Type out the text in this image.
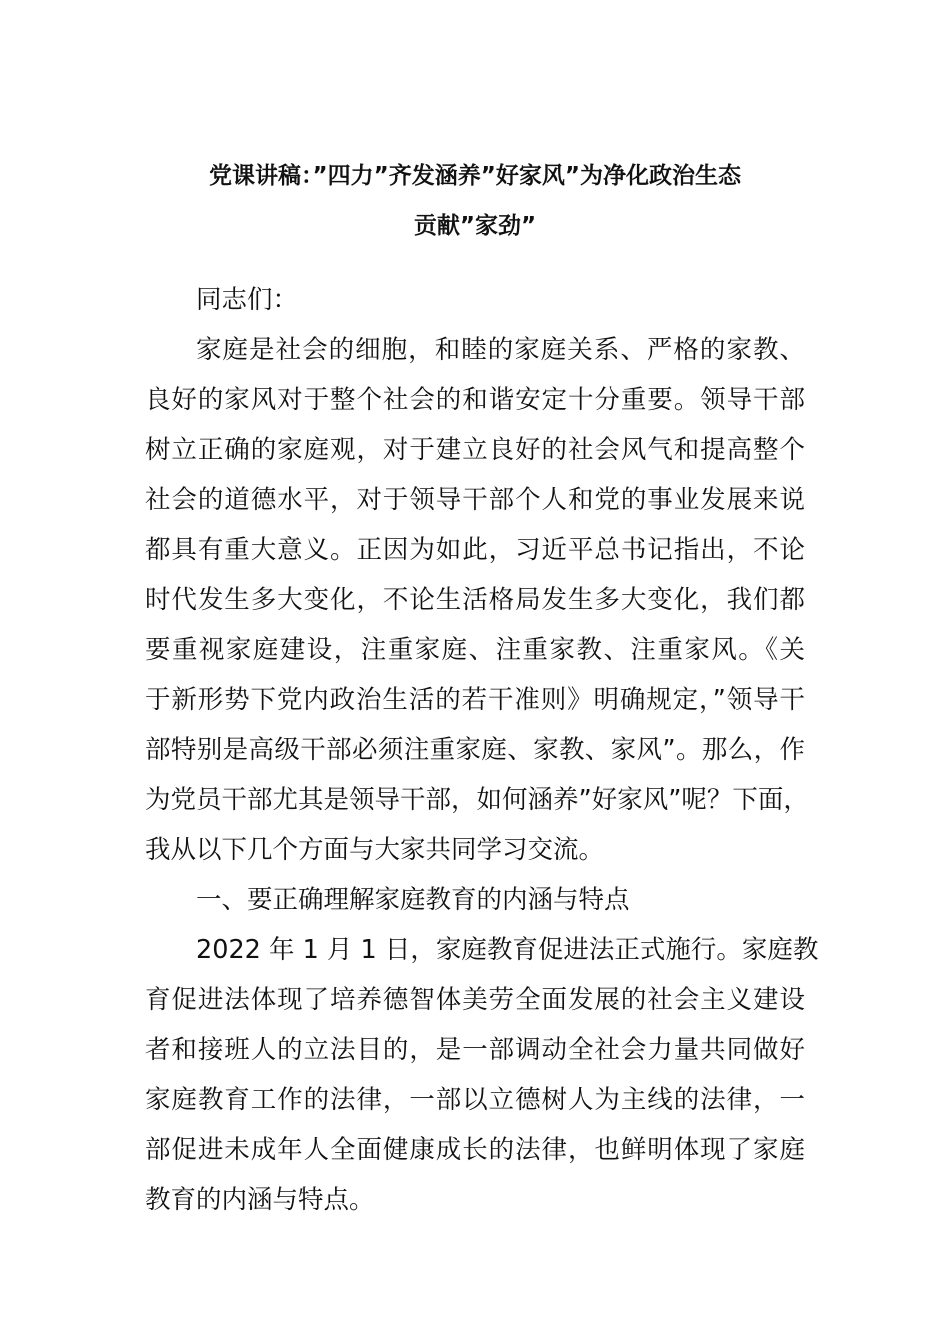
党课讲稿：”四力”齐发涵养”好家风”为净化政治生态
贡献”家劲”
同志们：
家庭是社会的细胞，和睦的家庭关系、严格的家教、
良好的家风对于整个社会的和谐安定十分重要。领导干部
树立正确的家庭观，对于建立良好的社会风气和提高整个
社会的道德水平，对于领导干部个人和党的事业发展来说
都具有重大意义。正因为如此，习近平总书记指出，不论
时代发生多大变化，不论生活格局发生多大变化，我们都
要重视家庭建设，注重家庭、注重家教、注重家风。《关
于新形势下党内政治生活的若干准则》明确规定，”领导干
部特别是高级干部必须注重家庭、家教、家风”。那么，作
为党员干部尤其是领导干部，如何涵养”好家风”呢？下面，
我从以下几个方面与大家共同学习交流。
一、要正确理解家庭教育的内涵与特点
2022 年 1 月 1 日，家庭教育促进法正式施行。家庭教
育促进法体现了培养德智体美劳全面发展的社会主义建设
者和接班人的立法目的，是一部调动全社会力量共同做好
家庭教育工作的法律，一部以立德树人为主线的法律，一
部促进未成年人全面健康成长的法律，也鲜明体现了家庭
教育的内涵与特点。
